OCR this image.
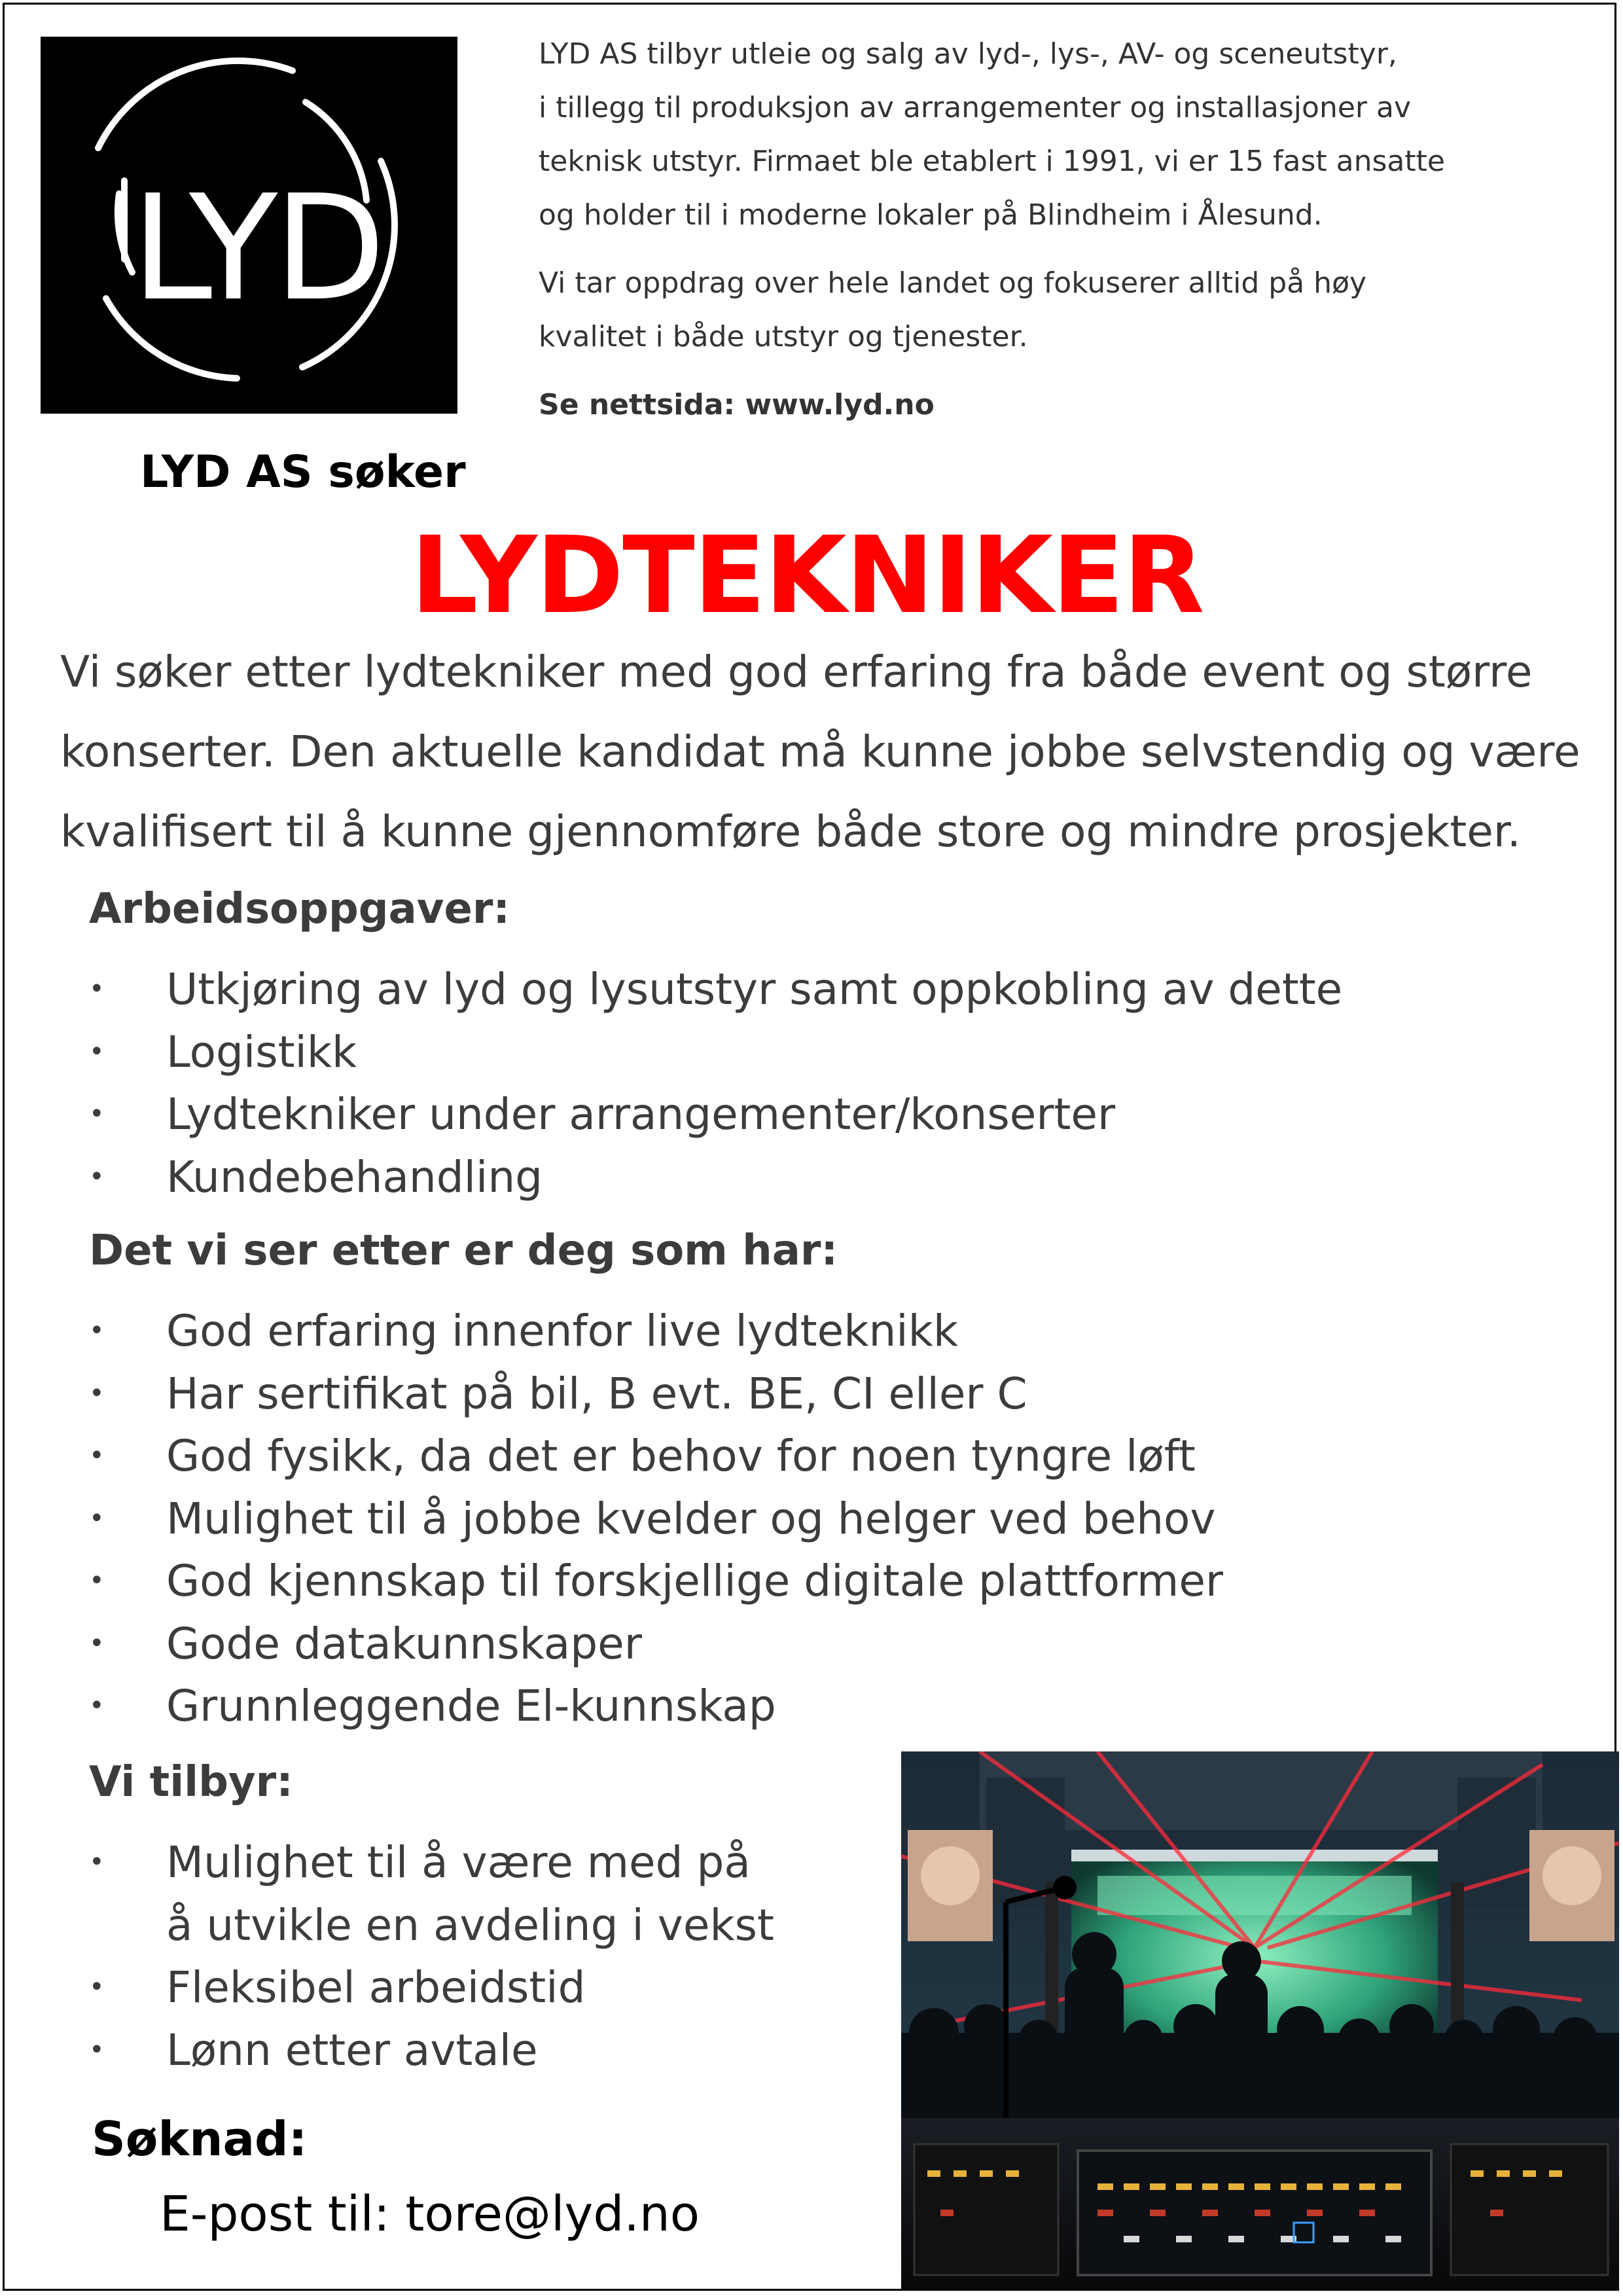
LYD

LYD AS tilbyr utleie og salg av lyd-, lys-, AV- og sceneutstyr,

i tillegg til produksjon av arrangementer og installasjoner av

teknisk utstyr. Firmaet ble etablert i 1991, vi er 15 fast ansatte

og holder til i moderne lokaler på Blindheim i Ålesund.

Vi tar oppdrag over hele landet og fokuserer alltid på høy

kvalitet i både utstyr og tjenester.

Se nettsida: www.lyd.no

LYD AS søker
LYDTEKNIKER

Vi søker etter lydtekniker med god erfaring fra både event og større

konserter. Den aktuelle kandidat må kunne jobbe selvstendig og være

kvalifisert til å kunne gjennomføre både store og mindre prosjekter.

Arbeidsoppgaver:
• Utkjøring av lyd og lysutstyr samt oppkobling av dette
• Logistikk
• Lydtekniker under arrangementer/konserter
• Kundebehandling
Det vi ser etter er deg som har:
• God erfaring innenfor live lydteknikk
• Har sertifikat på bil, B evt. BE, CI eller C
• God fysikk, da det er behov for noen tyngre løft
• Mulighet til å jobbe kvelder og helger ved behov
• God kjennskap til forskjellige digitale plattformer
• Gode datakunnskaper
• Grunnleggende El-kunnskap
Vi tilbyr:
• Mulighet til å være med på
å utvikle en avdeling i vekst
• Fleksibel arbeidstid
• Lønn etter avtale
Søknad:
E-post til: tore@lyd.no
